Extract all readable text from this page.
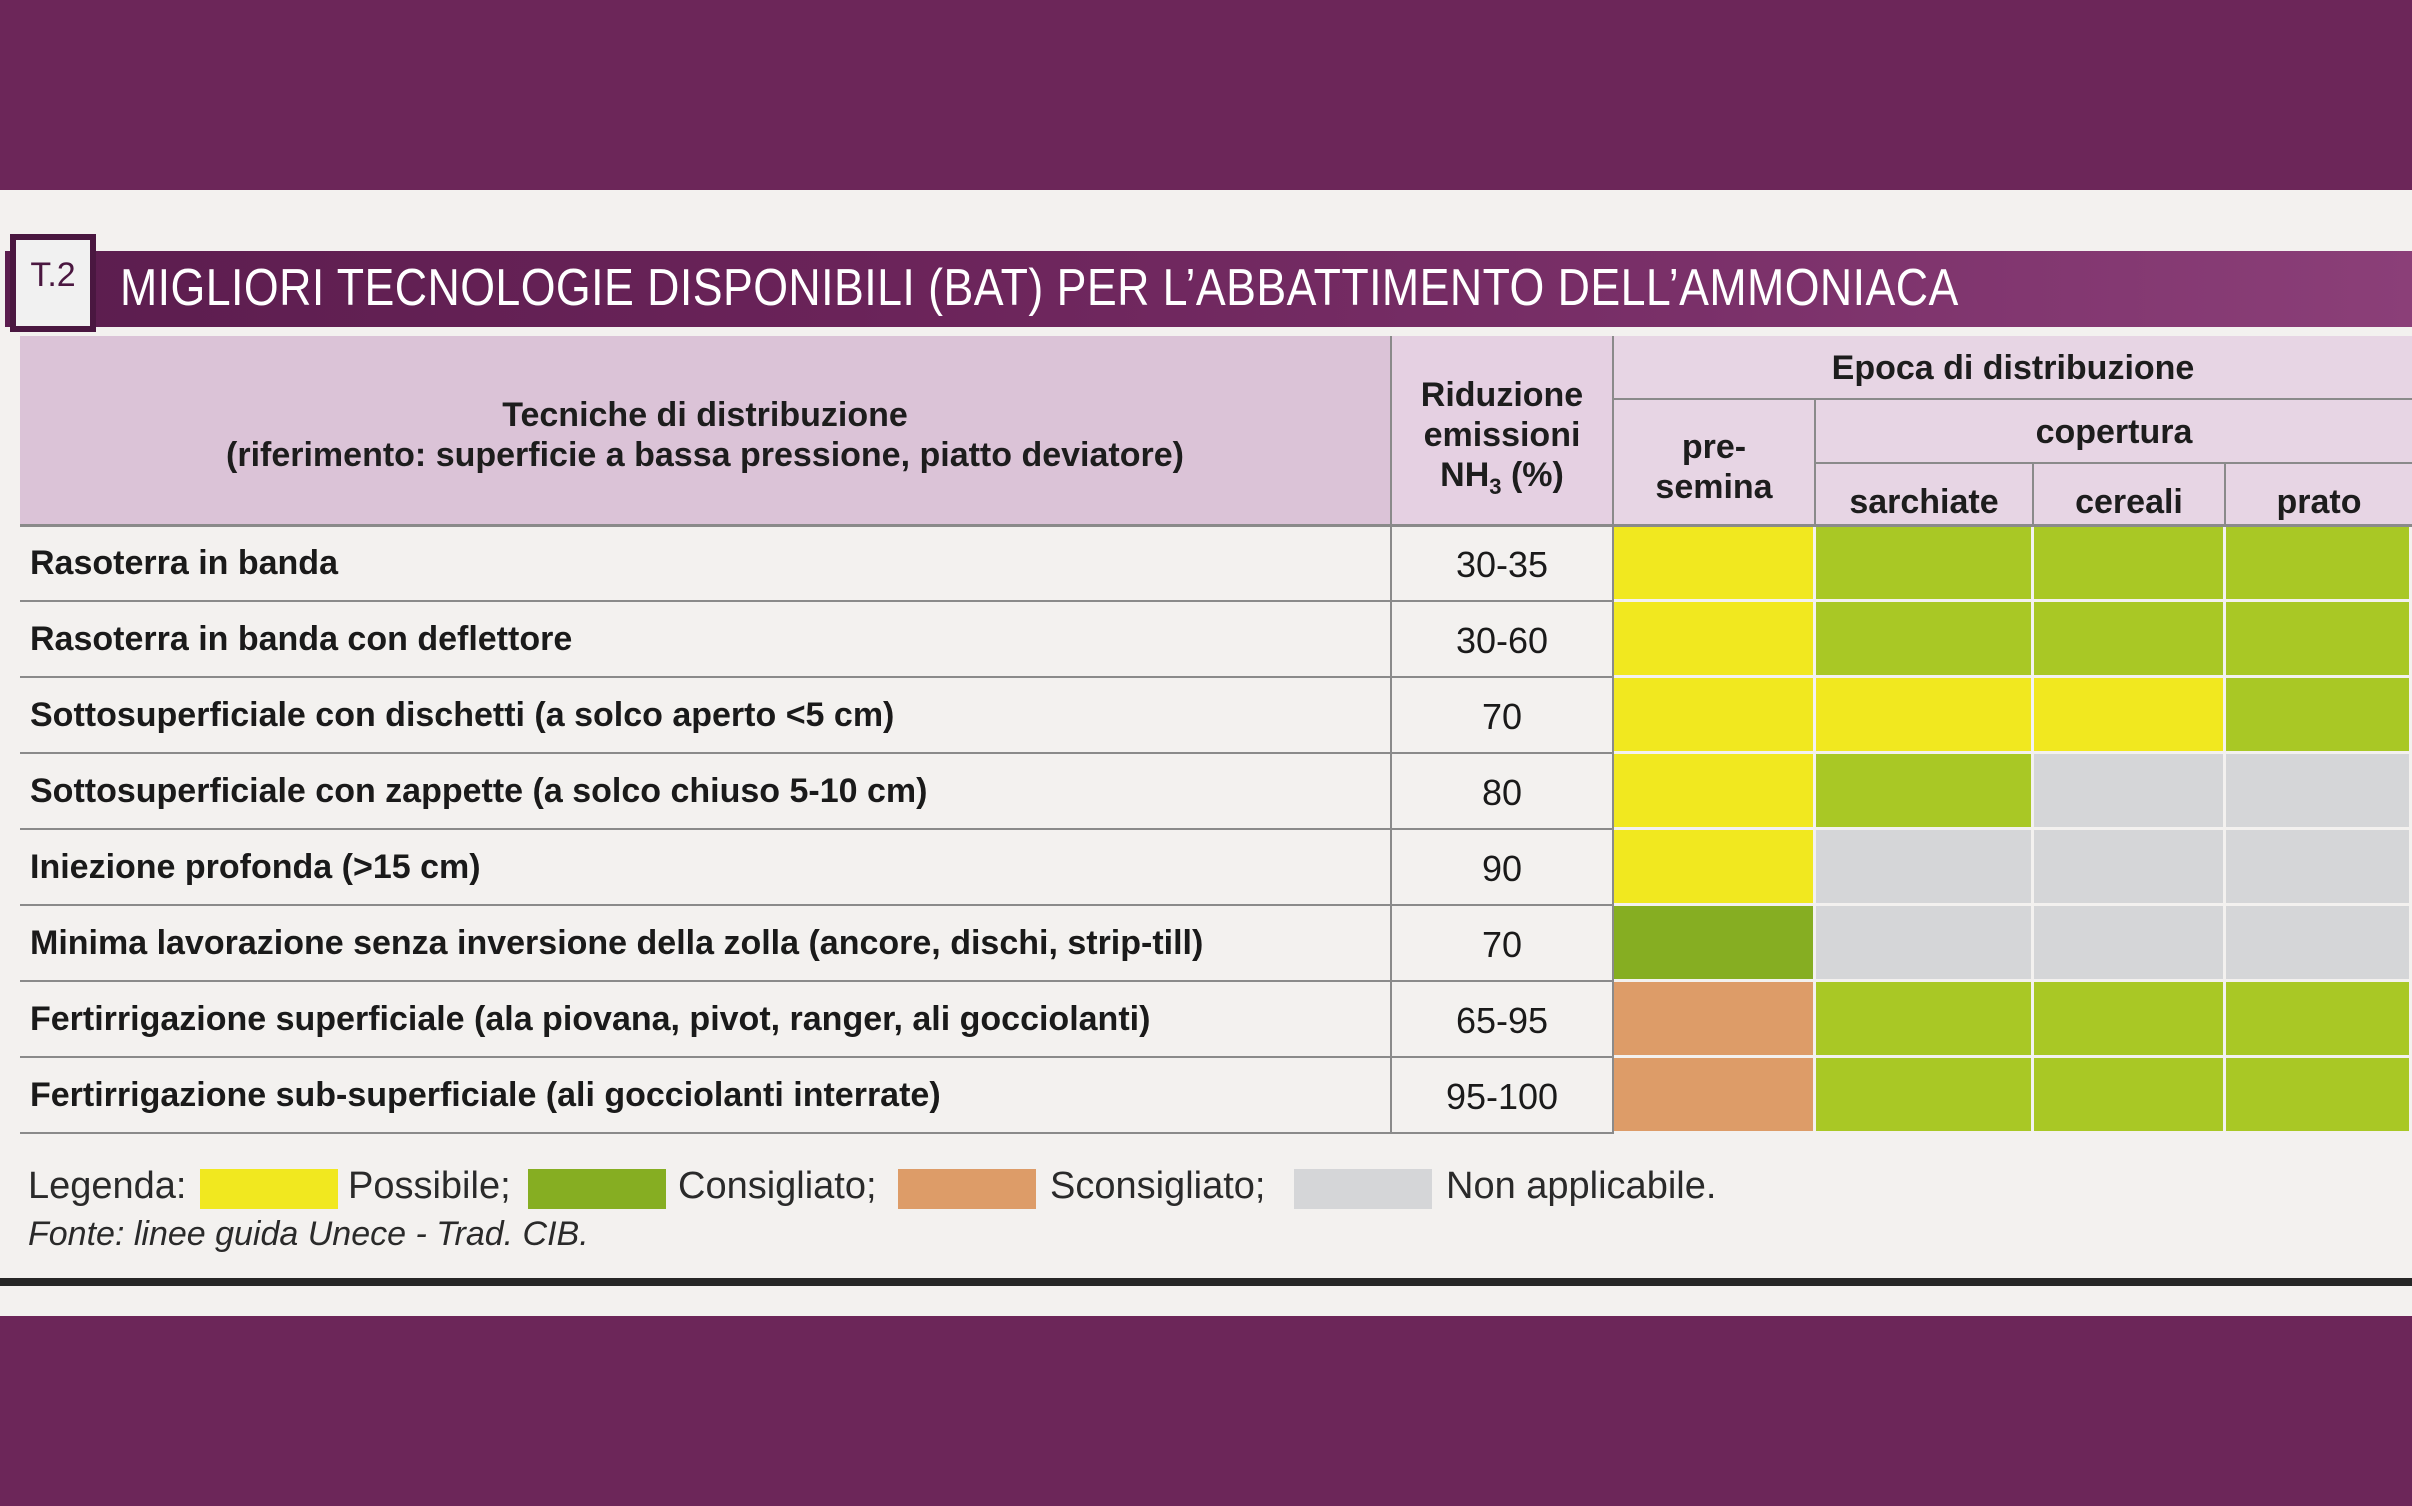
T.2 MIGLIORI TECNOLOGIE DISPONIBILI (BAT) PER L’ABBATTIMENTO DELL’AMMONIACA
Tecniche di distribuzione
(riferimento: superficie a bassa pressione, piatto deviatore)
Riduzione
emissioni
$NH_3$ (%)
Epoca di distribuzione
pre-
semina
copertura
sarchiate	cereali	prato
Rasoterra in banda	30-35
Rasoterra in banda con deflettore	30-60
Sottosuperficiale con dischetti (a solco aperto <5 cm)	70
Sottosuperficiale con zappette (a solco chiuso 5-10 cm)	80
Iniezione profonda (>15 cm)	90
Minima lavorazione senza inversione della zolla (ancore, dischi, strip-till)	70
Fertirrigazione superficiale (ala piovana, pivot, ranger, ali gocciolanti)	65-95
Fertirrigazione sub-superficiale (ali gocciolanti interrate)	95-100
Legenda:	Possibile;	Consigliato;	Sconsigliato;	Non applicabile.
Fonte: linee guida Unece - Trad. CIB.
